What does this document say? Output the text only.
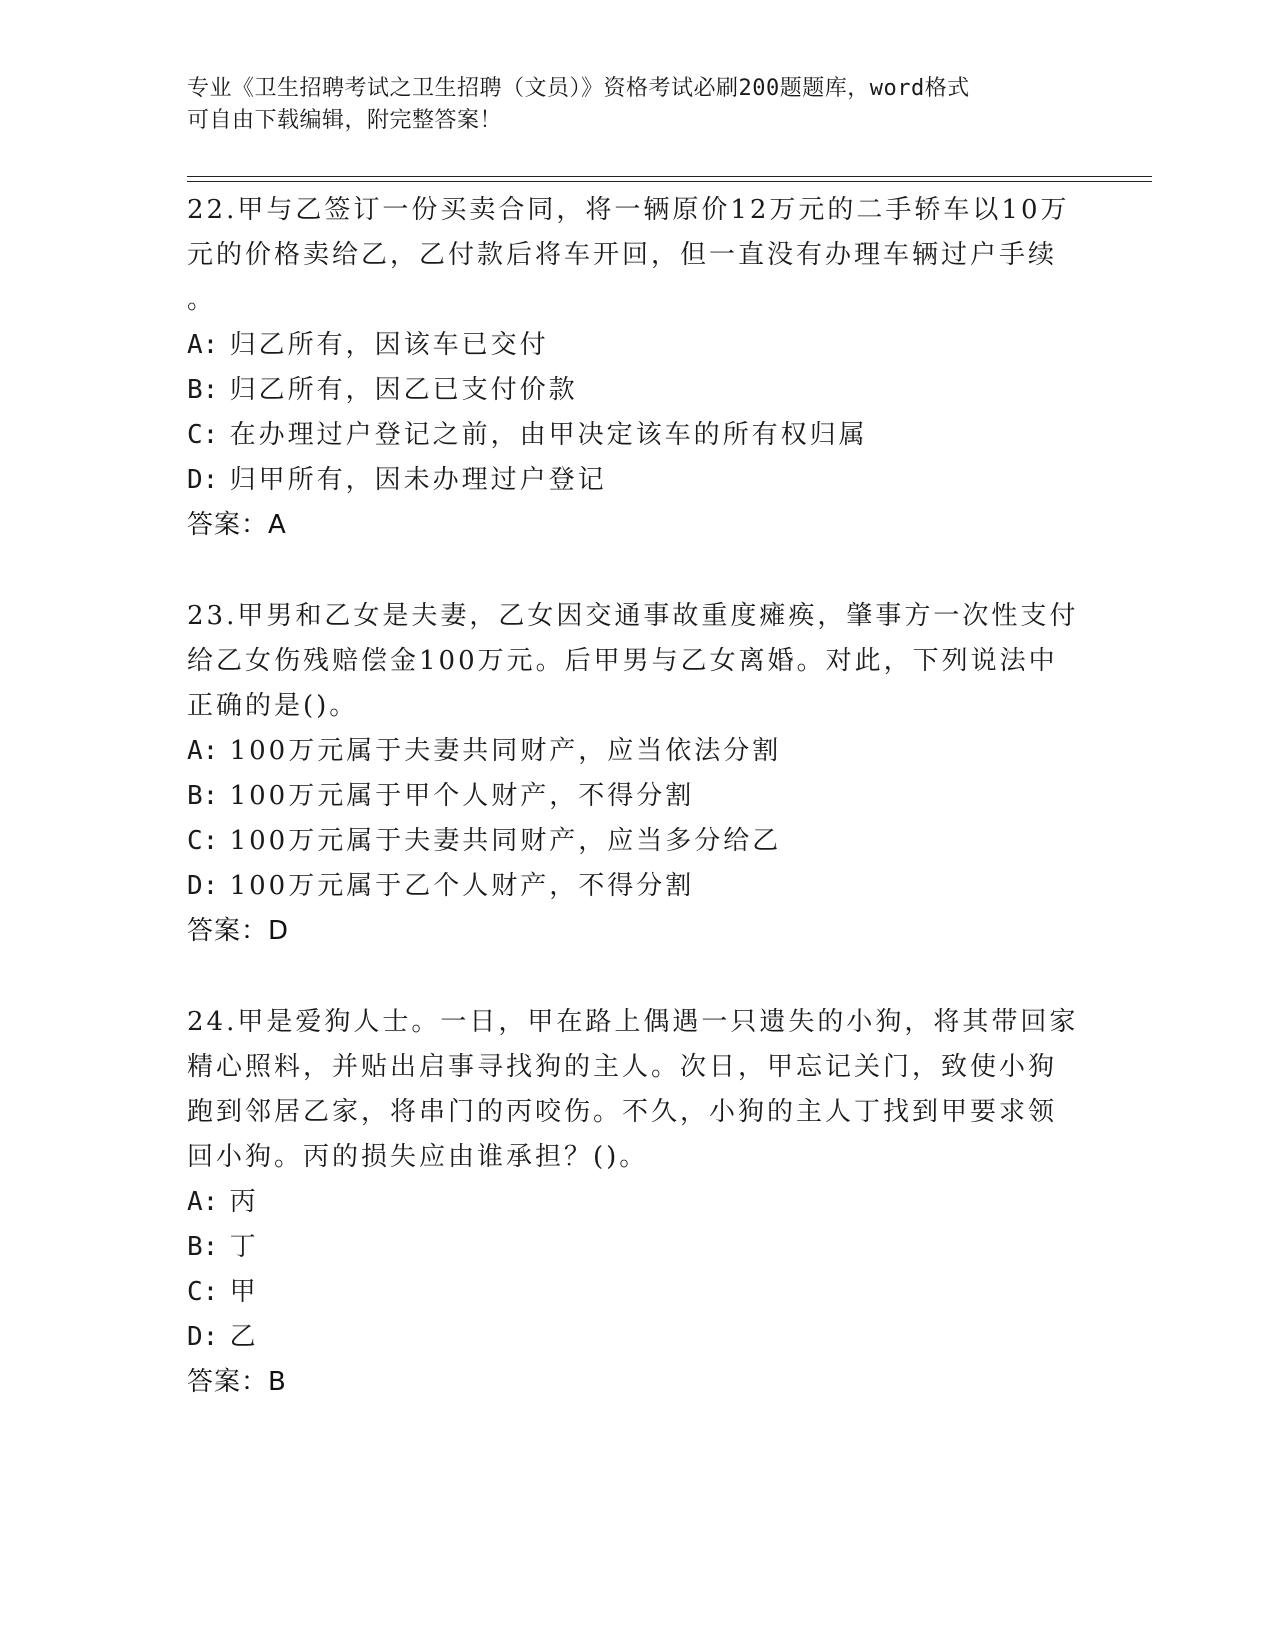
专业《卫生招聘考试之卫生招聘（文员）》资格考试必刷200题题库，word格式
可自由下载编辑，附完整答案！
22.甲与乙签订一份买卖合同，将一辆原价12万元的二手轿车以10万
元的价格卖给乙，乙付款后将车开回，但一直没有办理车辆过户手续
。
A: 归乙所有，因该车已交付
B: 归乙所有，因乙已支付价款
C: 在办理过户登记之前，由甲决定该车的所有权归属
D: 归甲所有，因未办理过户登记
答案：A
23.甲男和乙女是夫妻，乙女因交通事故重度瘫痪，肇事方一次性支付
给乙女伤残赔偿金100万元。后甲男与乙女离婚。对此，下列说法中
正确的是()。
A: 100万元属于夫妻共同财产，应当依法分割
B: 100万元属于甲个人财产，不得分割
C: 100万元属于夫妻共同财产，应当多分给乙
D: 100万元属于乙个人财产，不得分割
答案：D
24.甲是爱狗人士。一日，甲在路上偶遇一只遗失的小狗，将其带回家
精心照料，并贴出启事寻找狗的主人。次日，甲忘记关门，致使小狗
跑到邻居乙家，将串门的丙咬伤。不久，小狗的主人丁找到甲要求领
回小狗。丙的损失应由谁承担？()。
A: 丙
B: 丁
C: 甲
D: 乙
答案：B
